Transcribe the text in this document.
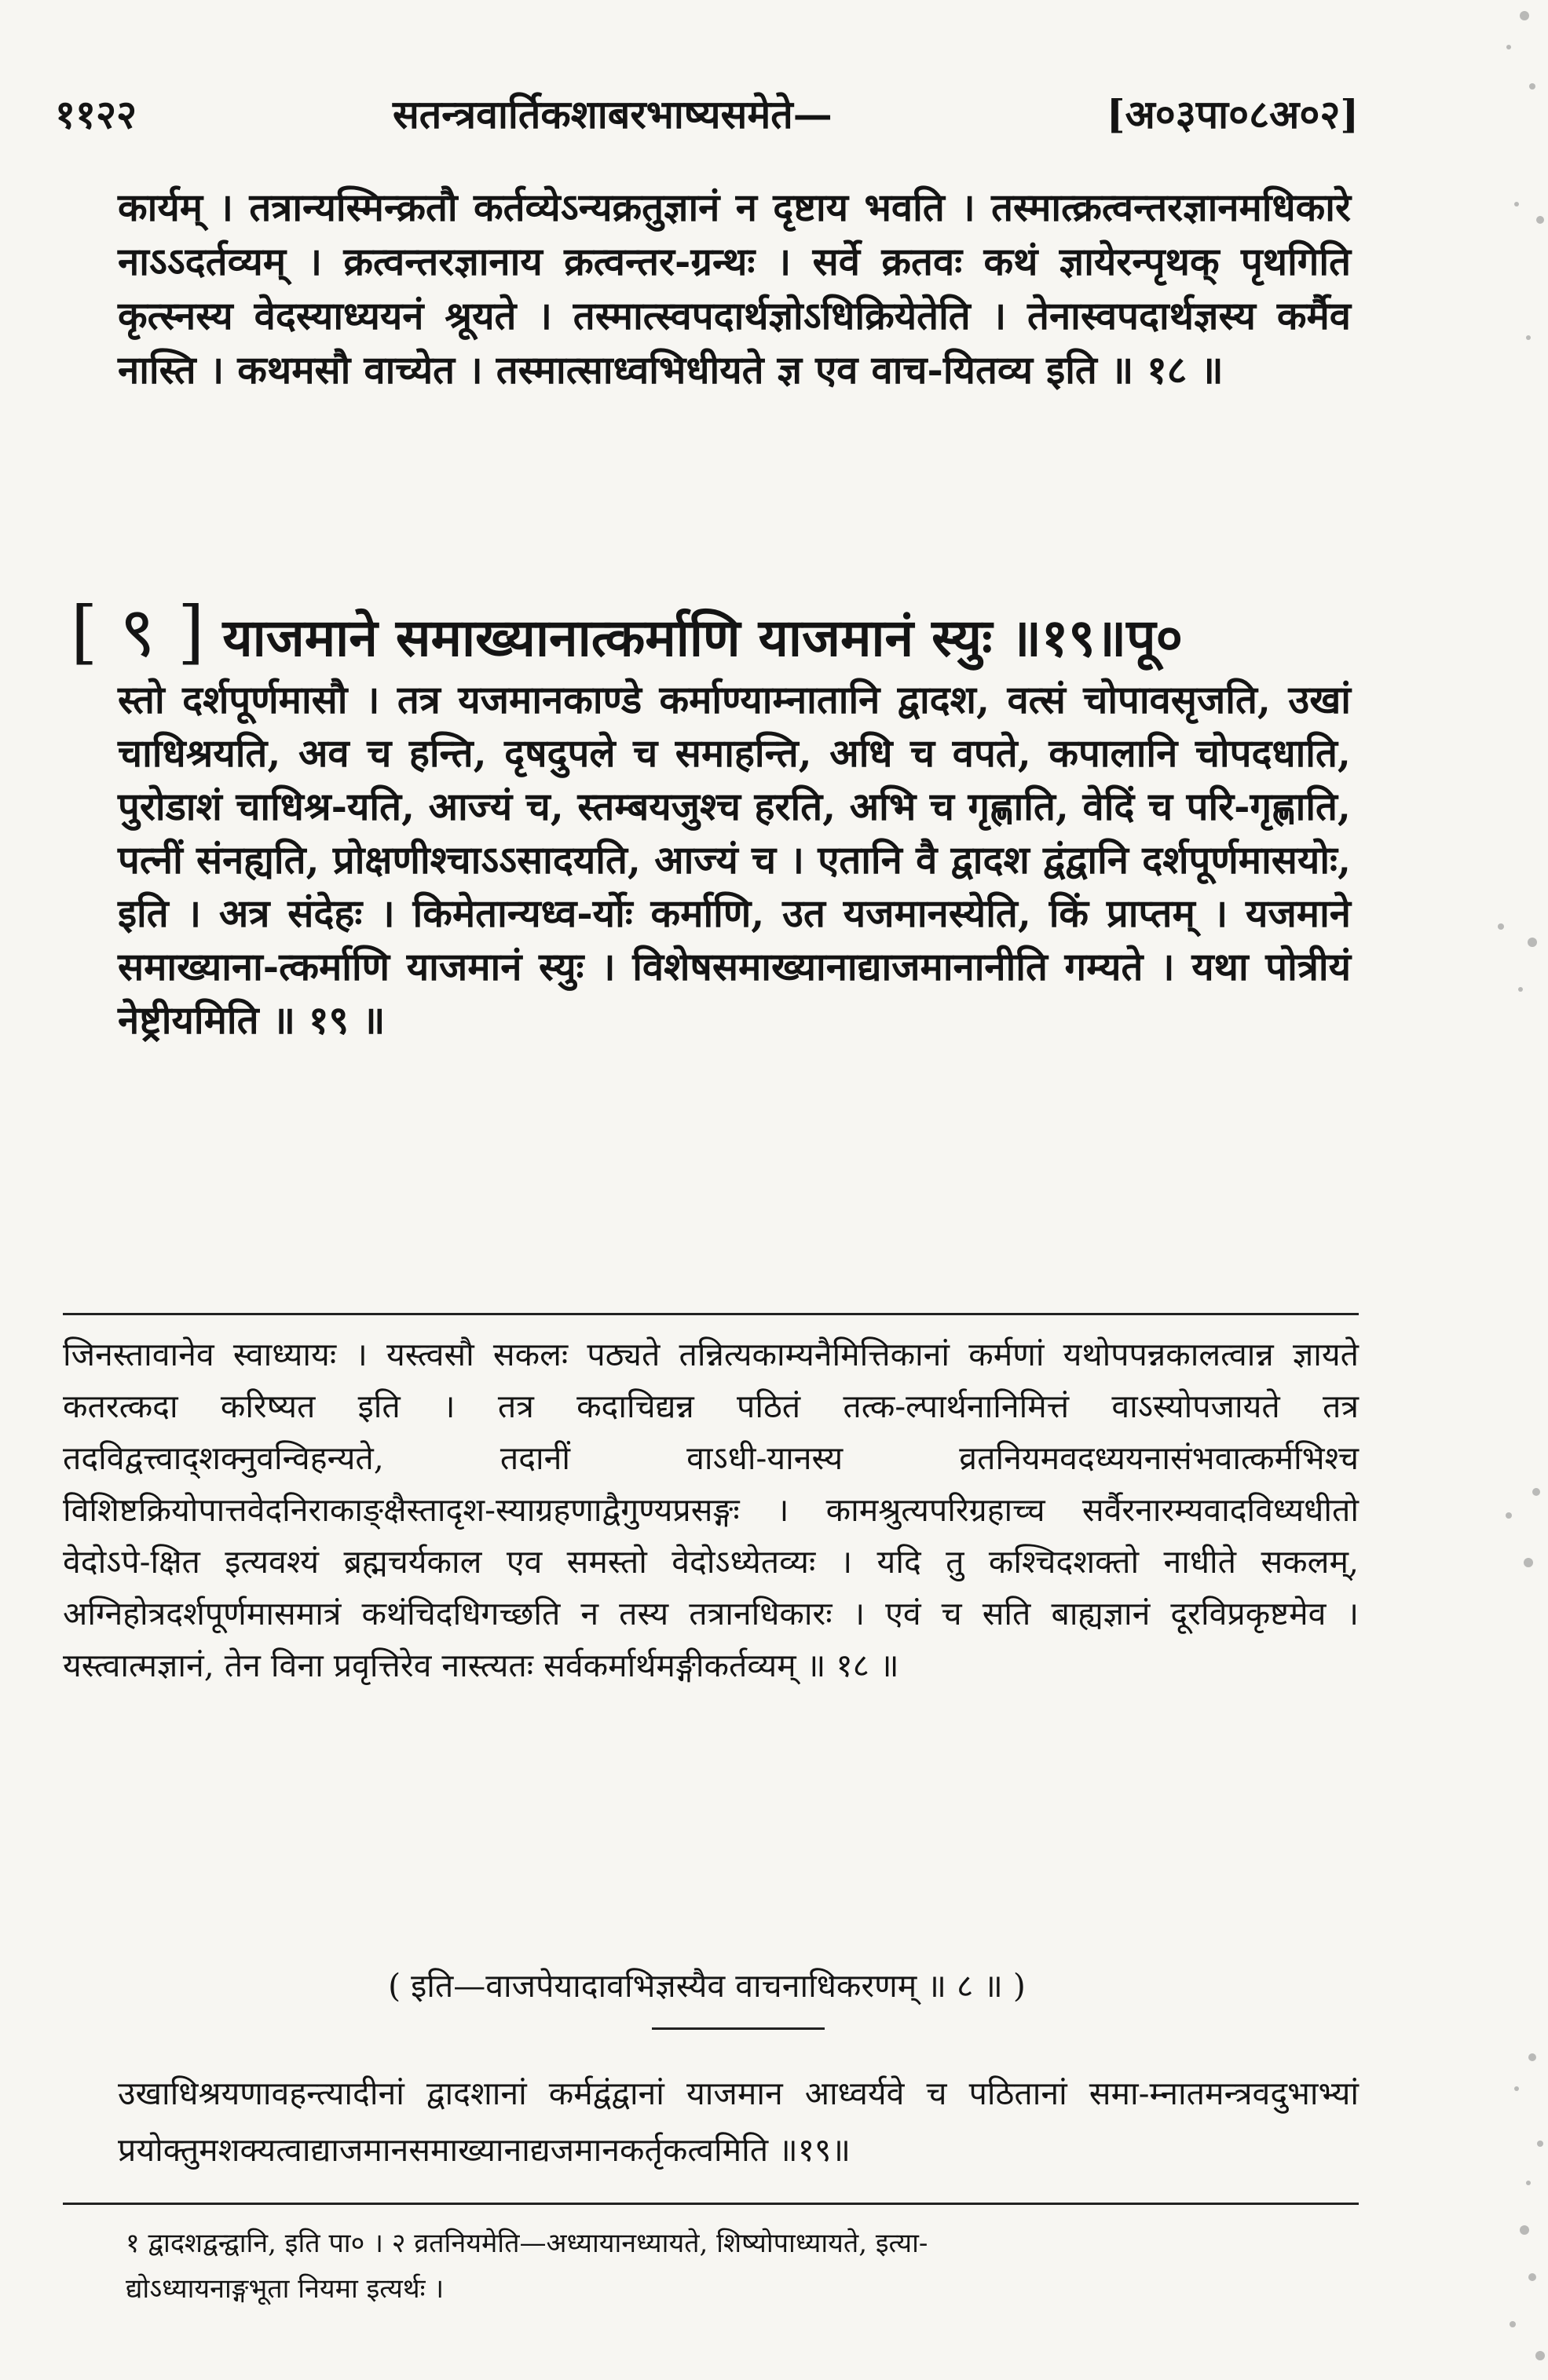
११२२	सतन्त्रवार्तिकशाबरभाष्यसमेते—	[अ०३पा०८अ०२]
कार्यम् । तत्रान्यस्मिन्क्रतौ कर्तव्येऽन्यक्रतुज्ञानं न दृष्टाय भवति । तस्मात्क्रत्वन्तरज्ञानमधिकारे नाऽऽदर्तव्यम् । क्रत्वन्तरज्ञानाय क्रत्वन्तर-ग्रन्थः । सर्वे क्रतवः कथं ज्ञायेरन्पृथक् पृथगिति कृत्स्नस्य वेदस्याध्ययनं श्रूयते । तस्मात्स्वपदार्थज्ञोऽधिक्रियेतेति । तेनास्वपदार्थज्ञस्य कर्मैव नास्ति । कथमसौ वाच्येत । तस्मात्साध्वभिधीयते ज्ञ एव वाच-यितव्य इति ॥ १८ ॥
[ ९ ] याजमाने समाख्यानात्कर्माणि याजमानं स्युः ॥१९॥पू०
स्तो दर्शपूर्णमासौ । तत्र यजमानकाण्डे कर्माण्याम्नातानि द्वादश, वत्सं चोपावसृजति, उखां चाधिश्रयति, अव च हन्ति, दृषदुपले च समाहन्ति, अधि च वपते, कपालानि चोपदधाति, पुरोडाशं चाधिश्र-यति, आज्यं च, स्तम्बयजुश्च हरति, अभि च गृह्णाति, वेदिं च परि-गृह्णाति, पत्नीं संनह्यति, प्रोक्षणीश्चाऽऽसादयति, आज्यं च । एतानि वै द्वादश द्वंद्वानि दर्शपूर्णमासयोः, इति । अत्र संदेहः । किमेतान्यध्व-र्योः कर्माणि, उत यजमानस्येति, किं प्राप्तम् । यजमाने समाख्याना-त्कर्माणि याजमानं स्युः । विशेषसमाख्यानाद्याजमानानीति गम्यते । यथा पोत्रीयं नेष्ट्रीयमिति ॥ १९ ॥
जिनस्तावानेव स्वाध्यायः । यस्त्वसौ सकलः पठ्यते तन्नित्यकाम्यनैमित्तिकानां कर्मणां यथोपपन्नकालत्वान्न ज्ञायते कतरत्कदा करिष्यत इति । तत्र कदाचिद्यन्न पठितं तत्क-ल्पार्थनानिमित्तं वाऽस्योपजायते तत्र तदविद्वत्त्वाद्शक्नुवन्विहन्यते, तदानीं वाऽधी-यानस्य व्रतनियमवदध्ययनासंभवात्कर्मभिश्च विशिष्टक्रियोपात्तवेदनिराकाङ्क्षैस्तादृश-स्याग्रहणाद्वैगुण्यप्रसङ्गः । कामश्रुत्यपरिग्रहाच्च सर्वैरनारम्यवादविध्यधीतो वेदोऽपे-क्षित इत्यवश्यं ब्रह्मचर्यकाल एव समस्तो वेदोऽध्येतव्यः । यदि तु कश्चिदशक्तो नाधीते सकलम्, अग्निहोत्रदर्शपूर्णमासमात्रं कथंचिदधिगच्छति न तस्य तत्रानधिकारः । एवं च सति बाह्यज्ञानं दूरविप्रकृष्टमेव । यस्त्वात्मज्ञानं, तेन विना प्रवृत्तिरेव नास्त्यतः सर्वकर्मार्थमङ्गीकर्तव्यम् ॥ १८ ॥
( इति—वाजपेयादावभिज्ञस्यैव वाचनाधिकरणम् ॥ ८ ॥ )
उखाधिश्रयणावहन्त्यादीनां द्वादशानां कर्मद्वंद्वानां याजमान आध्वर्यवे च पठितानां समा-म्नातमन्त्रवदुभाभ्यां प्रयोक्तुमशक्यत्वाद्याजमानसमाख्यानाद्यजमानकर्तृकत्वमिति ॥१९॥
१ द्वादशद्वन्द्वानि, इति पा० । २ व्रतनियमेति—अध्यायानध्यायते, शिष्योपाध्यायते, इत्या-
द्योऽध्यायनाङ्गभूता नियमा इत्यर्थः ।
